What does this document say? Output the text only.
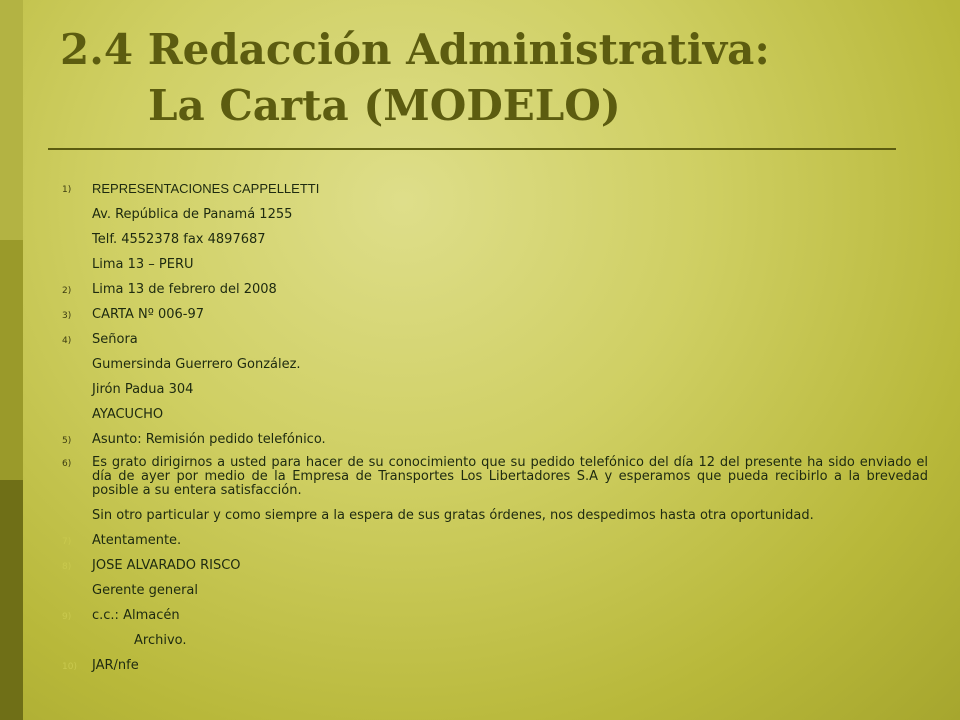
2.4 Redacción Administrativa:
La Carta (MODELO)
1) REPRESENTACIONES CAPPELLETTI
Av. República de Panamá 1255
Telf. 4552378 fax 4897687
Lima 13 – PERU
2) Lima 13 de febrero del 2008
3) CARTA Nº 006-97
4) Señora
Gumersinda Guerrero González.
Jirón Padua 304
AYACUCHO
5) Asunto: Remisión pedido telefónico.
6) Es grato dirigirnos a usted para hacer de su conocimiento que su pedido telefónico del día 12 del presente ha sido enviado el día de ayer por medio de la Empresa de Transportes Los Libertadores S.A y esperamos que pueda recibirlo a la brevedad posible a su entera satisfacción.
Sin otro particular y como siempre a la espera de sus gratas órdenes, nos despedimos hasta otra oportunidad.
7) Atentamente.
8) JOSE ALVARADO RISCO
Gerente general
9) c.c.: Almacén
Archivo.
10) JAR/nfe
